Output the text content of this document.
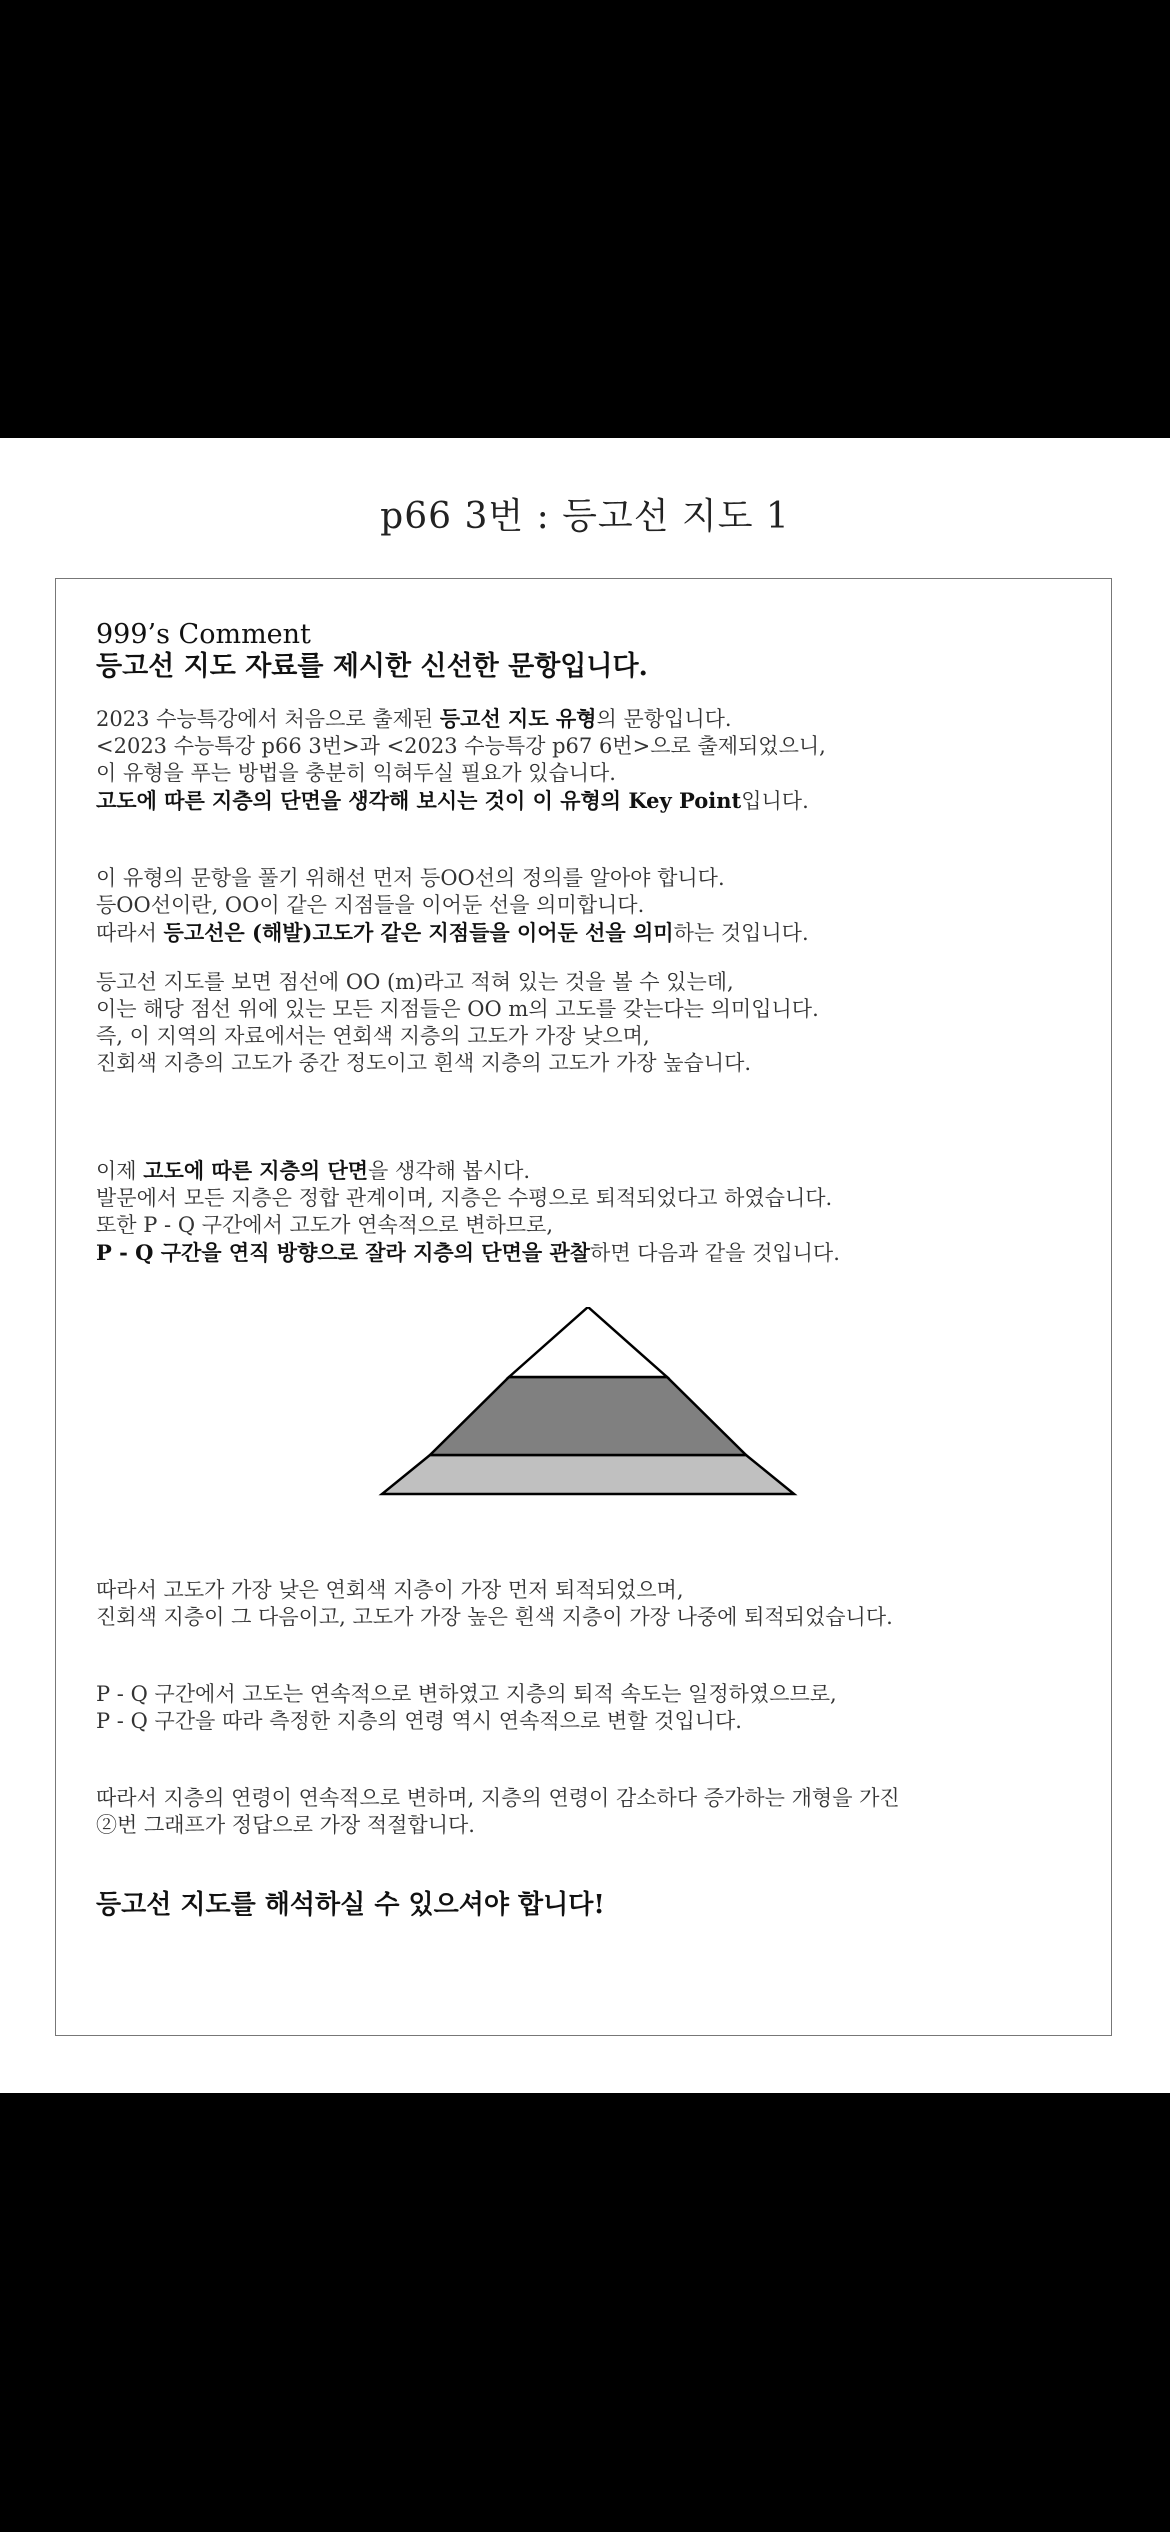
p66 3번 : 등고선 지도 1
999’s Comment
등고선 지도 자료를 제시한 신선한 문항입니다.
2023 수능특강에서 처음으로 출제된 등고선 지도 유형의 문항입니다.
<2023 수능특강 p66 3번>과 <2023 수능특강 p67 6번>으로 출제되었으니,
이 유형을 푸는 방법을 충분히 익혀두실 필요가 있습니다.
고도에 따른 지층의 단면을 생각해 보시는 것이 이 유형의 Key Point입니다.
이 유형의 문항을 풀기 위해선 먼저 등OO선의 정의를 알아야 합니다.
등OO선이란, OO이 같은 지점들을 이어둔 선을 의미합니다.
따라서 등고선은 (해발)고도가 같은 지점들을 이어둔 선을 의미하는 것입니다.
등고선 지도를 보면 점선에 OO (m)라고 적혀 있는 것을 볼 수 있는데,
이는 해당 점선 위에 있는 모든 지점들은 OO m의 고도를 갖는다는 의미입니다.
즉, 이 지역의 자료에서는 연회색 지층의 고도가 가장 낮으며,
진회색 지층의 고도가 중간 정도이고 흰색 지층의 고도가 가장 높습니다.
이제 고도에 따른 지층의 단면을 생각해 봅시다.
발문에서 모든 지층은 정합 관계이며, 지층은 수평으로 퇴적되었다고 하였습니다.
또한 P - Q 구간에서 고도가 연속적으로 변하므로,
P - Q 구간을 연직 방향으로 잘라 지층의 단면을 관찰하면 다음과 같을 것입니다.
따라서 고도가 가장 낮은 연회색 지층이 가장 먼저 퇴적되었으며,
진회색 지층이 그 다음이고, 고도가 가장 높은 흰색 지층이 가장 나중에 퇴적되었습니다.
P - Q 구간에서 고도는 연속적으로 변하였고 지층의 퇴적 속도는 일정하였으므로,
P - Q 구간을 따라 측정한 지층의 연령 역시 연속적으로 변할 것입니다.
따라서 지층의 연령이 연속적으로 변하며, 지층의 연령이 감소하다 증가하는 개형을 가진
②번 그래프가 정답으로 가장 적절합니다.
등고선 지도를 해석하실 수 있으셔야 합니다!
